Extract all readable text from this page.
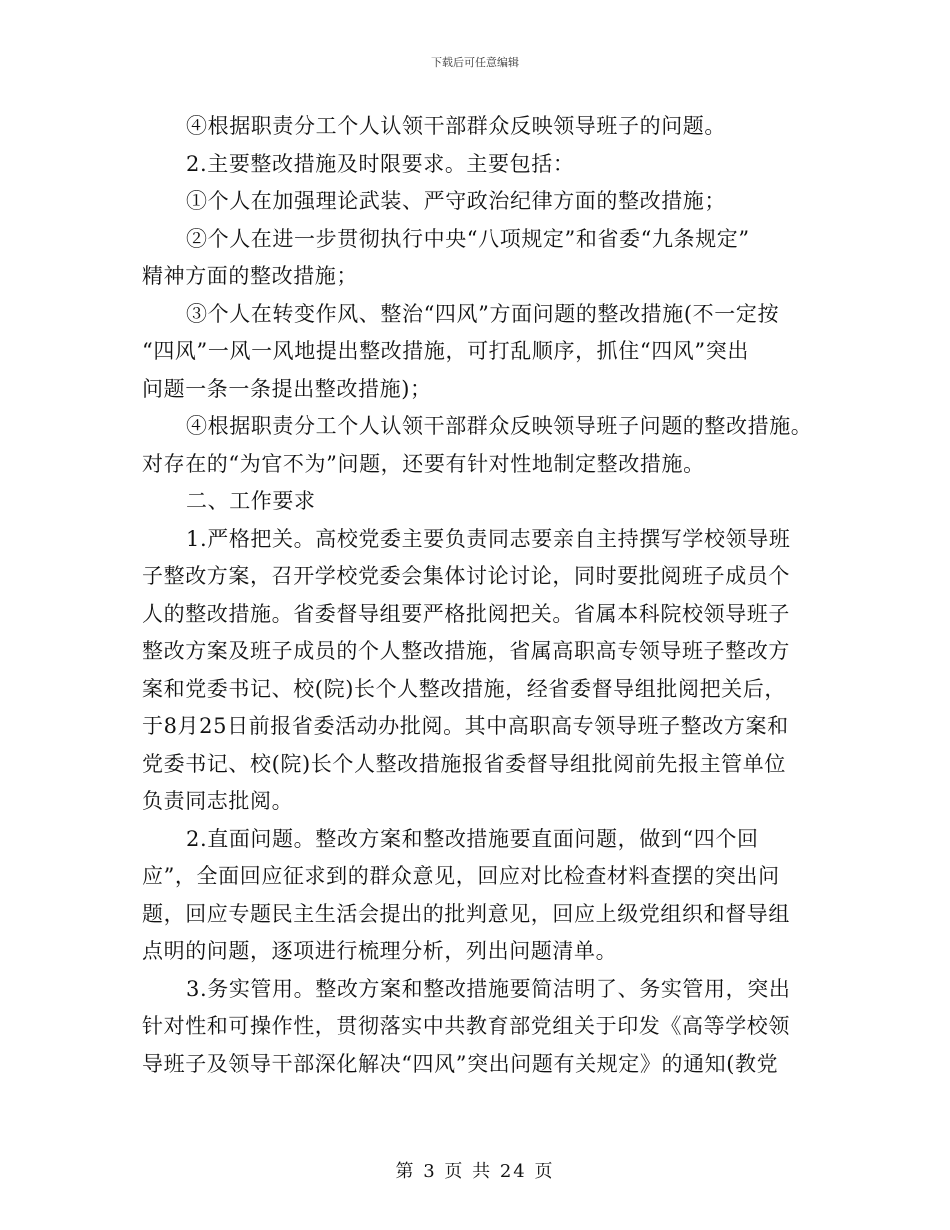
下载后可任意编辑
④根据职责分工个人认领干部群众反映领导班子的问题。
2.主要整改措施及时限要求。主要包括：
①个人在加强理论武装、严守政治纪律方面的整改措施；
②个人在进一步贯彻执行中央“八项规定”和省委“九条规定”
精神方面的整改措施；
③个人在转变作风、整治“四风”方面问题的整改措施(不一定按
“四风”一风一风地提出整改措施，可打乱顺序，抓住“四风”突出
问题一条一条提出整改措施)；
④根据职责分工个人认领干部群众反映领导班子问题的整改措施。
对存在的“为官不为”问题，还要有针对性地制定整改措施。
二、工作要求
1.严格把关。高校党委主要负责同志要亲自主持撰写学校领导班
子整改方案，召开学校党委会集体讨论讨论，同时要批阅班子成员个
人的整改措施。省委督导组要严格批阅把关。省属本科院校领导班子
整改方案及班子成员的个人整改措施，省属高职高专领导班子整改方
案和党委书记、校(院)长个人整改措施，经省委督导组批阅把关后，
于8月25日前报省委活动办批阅。其中高职高专领导班子整改方案和
党委书记、校(院)长个人整改措施报省委督导组批阅前先报主管单位
负责同志批阅。
2.直面问题。整改方案和整改措施要直面问题，做到“四个回
应”，全面回应征求到的群众意见，回应对比检查材料查摆的突出问
题，回应专题民主生活会提出的批判意见，回应上级党组织和督导组
点明的问题，逐项进行梳理分析，列出问题清单。
3.务实管用。整改方案和整改措施要简洁明了、务实管用，突出
针对性和可操作性，贯彻落实中共教育部党组关于印发《高等学校领
导班子及领导干部深化解决“四风”突出问题有关规定》的通知(教党
第 3 页 共 24 页
